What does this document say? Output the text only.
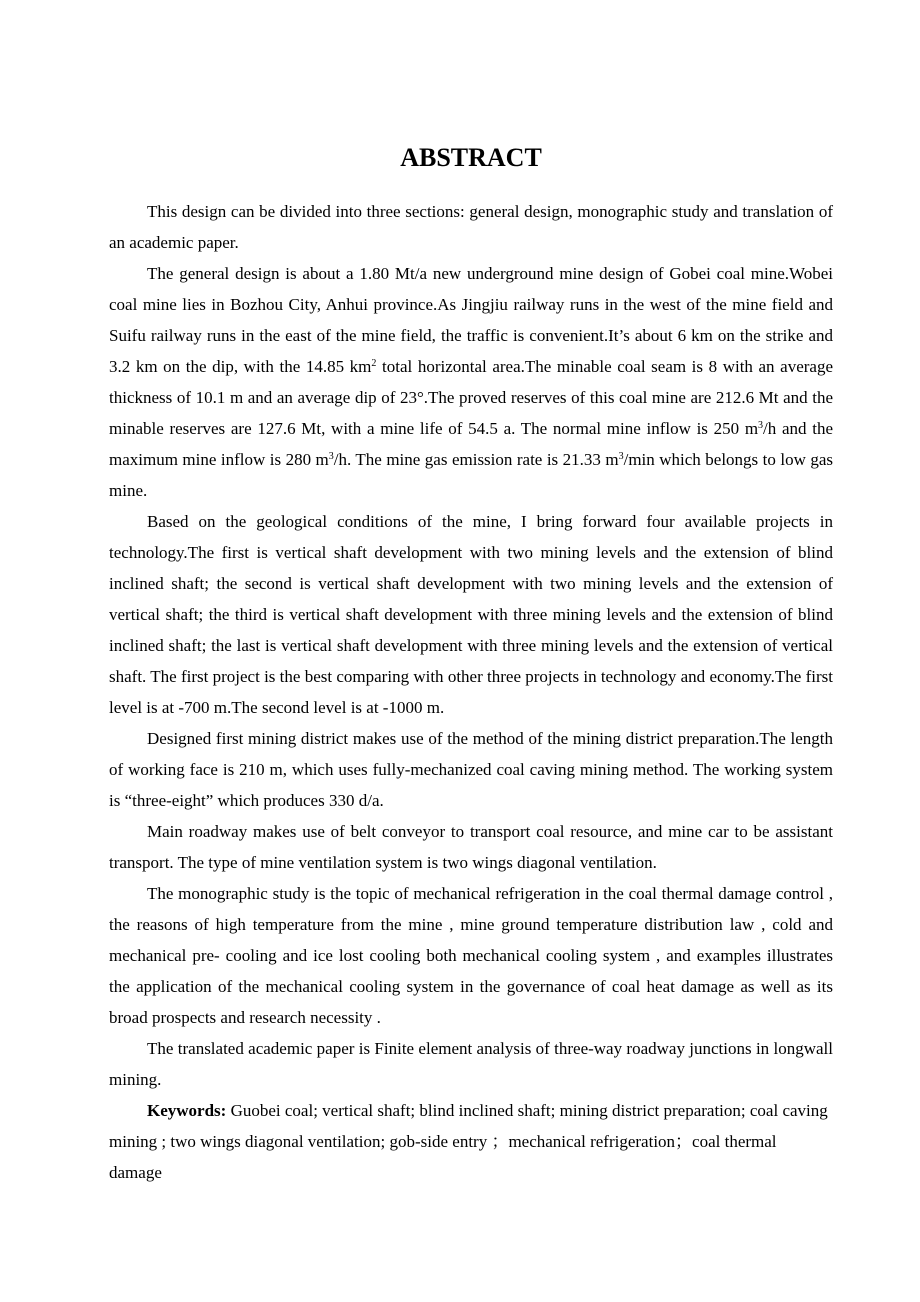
ABSTRACT

This design can be divided into three sections: general design, monographic study and translation of an academic paper.

The general design is about a 1.80 Mt/a new underground mine design of Gobei coal mine.Wobei coal mine lies in Bozhou City, Anhui province.As Jingjiu railway runs in the west of the mine field and Suifu railway runs in the east of the mine field, the traffic is convenient.It’s about 6 km on the strike and 3.2 km on the dip, with the 14.85 $km^2$ total horizontal area.The minable coal seam is 8 with an average thickness of 10.1 m and an average dip of 23°.The proved reserves of this coal mine are 212.6 Mt and the minable reserves are 127.6 Mt, with a mine life of 54.5 a. The normal mine inflow is 250 $m^3/h$ and the maximum mine inflow is 280 $m^3/h$. The mine gas emission rate is 21.33 $m^3/\min$ which belongs to low gas mine.

Based on the geological conditions of the mine, I bring forward four available projects in technology.The first is vertical shaft development with two mining levels and the extension of blind inclined shaft; the second is vertical shaft development with two mining levels and the extension of vertical shaft; the third is vertical shaft development with three mining levels and the extension of blind inclined shaft; the last is vertical shaft development with three mining levels and the extension of vertical shaft. The first project is the best comparing with other three projects in technology and economy.The first level is at -700 m.The second level is at -1000 m.

Designed first mining district makes use of the method of the mining district preparation.The length of working face is 210 m, which uses fully-mechanized coal caving mining method. The working system is “three-eight” which produces 330 d/a.

Main roadway makes use of belt conveyor to transport coal resource, and mine car to be assistant transport. The type of mine ventilation system is two wings diagonal ventilation.

The monographic study is the topic of mechanical refrigeration in the coal thermal damage control , the reasons of high temperature from the mine , mine ground temperature distribution law , cold and mechanical pre- cooling and ice lost cooling both mechanical cooling system , and examples illustrates the application of the mechanical cooling system in the governance of coal heat damage as well as its broad prospects and research necessity .

The translated academic paper is Finite element analysis of three-way roadway junctions in longwall mining.

Keywords: Guobei coal; vertical shaft; blind inclined shaft; mining district preparation; coal caving mining ; two wings diagonal ventilation; gob-side entry ；mechanical refrigeration；coal thermal damage
